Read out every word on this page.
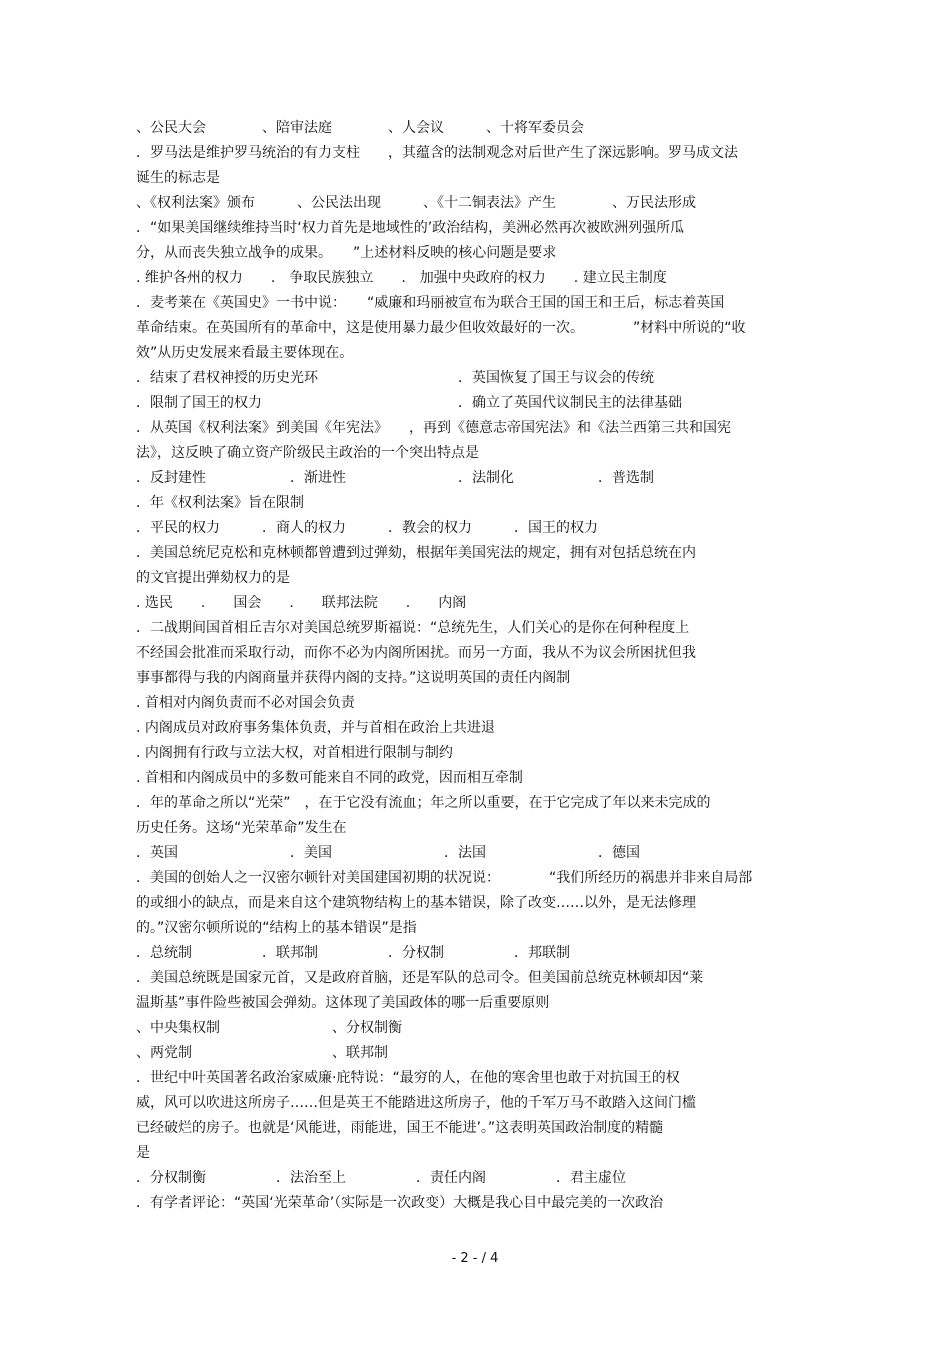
、公民大会　　　　、陪审法庭　　　　、人会议　　　、十将军委员会
．罗马法是维护罗马统治的有力支柱　　，其蕴含的法制观念对后世产生了深远影响。罗马成文法
诞生的标志是
、《权利法案》颁布　　　、公民法出现　　　、《十二铜表法》产生　　　　、万民法形成
．“如果美国继续维持当时‘权力首先是地域性的’政治结构，美洲必然再次被欧洲列强所瓜
分，从而丧失独立战争的成果。　　”上述材料反映的核心问题是要求
. 维护各州的权力　　.　争取民族独立　　.　加强中央政府的权力　　. 建立民主制度
．麦考莱在《英国史》一书中说：　　“威廉和玛丽被宣布为联合王国的国王和王后，标志着英国
革命结束。在英国所有的革命中，这是使用暴力最少但收效最好的一次。　　　　”材料中所说的“收
效”从历史发展来看最主要体现在。
．结束了君权神授的历史光环　　　　　　　　　　．英国恢复了国王与议会的传统
．限制了国王的权力　　　　　　　　　　　　　　．确立了英国代议制民主的法律基础
．从英国《权利法案》到美国《年宪法》　　，再到《德意志帝国宪法》和《法兰西第三共和国宪
法》，这反映了确立资产阶级民主政治的一个突出特点是
．反封建性　　　　　　．渐进性　　　　　　　　．法制化　　　　　　．普选制
．年《权利法案》旨在限制
．平民的权力　　　．商人的权力　　　．教会的权力　　　．国王的权力
．美国总统尼克松和克林顿都曾遭到过弹劾，根据年美国宪法的规定，拥有对包括总统在内
的文官提出弹劾权力的是
. 选民　　.　　国会　　.　　联邦法院　　.　　内阁
．二战期间国首相丘吉尔对美国总统罗斯福说：“总统先生，人们关心的是你在何种程度上
不经国会批准而采取行动，而你不必为内阁所困扰。而另一方面，我从不为议会所困扰但我
事事都得与我的内阁商量并获得内阁的支持。”这说明英国的责任内阁制
. 首相对内阁负责而不必对国会负责
. 内阁成员对政府事务集体负责，并与首相在政治上共进退
. 内阁拥有行政与立法大权，对首相进行限制与制约
. 首相和内阁成员中的多数可能来自不同的政党，因而相互牵制
．年的革命之所以“光荣”　，在于它没有流血；年之所以重要，在于它完成了年以来未完成的
历史任务。这场“光荣革命”发生在
．英国　　　　　　　　．美国　　　　　　　　．法国　　　　　　　　．德国
．美国的创始人之一汉密尔顿针对美国建国初期的状况说：　　　　“我们所经历的祸患并非来自局部
的或细小的缺点，而是来自这个建筑物结构上的基本错误，除了改变……以外，是无法修理
的。”汉密尔顿所说的“结构上的基本错误”是指
．总统制　　　　　．联邦制　　　　　．分权制　　　　　．邦联制
．美国总统既是国家元首，又是政府首脑，还是军队的总司令。但美国前总统克林顿却因“莱
温斯基”事件险些被国会弹劾。这体现了美国政体的哪一后重要原则
、中央集权制　　　　　　　　、分权制衡
、两党制　　　　　　　　　　、联邦制
．世纪中叶英国著名政治家威廉·庇特说：“最穷的人，在他的寒舍里也敢于对抗国王的权
威，风可以吹进这所房子……但是英王不能踏进这所房子，他的千军万马不敢踏入这间门槛
已经破烂的房子。也就是‘风能进，雨能进，国王不能进’。”这表明英国政治制度的精髓
是
．分权制衡　　　　　．法治至上　　　　　．责任内阁　　　　　．君主虚位
．有学者评论：“英国‘光荣革命’（实际是一次政变）大概是我心目中最完美的一次政治
- 2 - / 4
